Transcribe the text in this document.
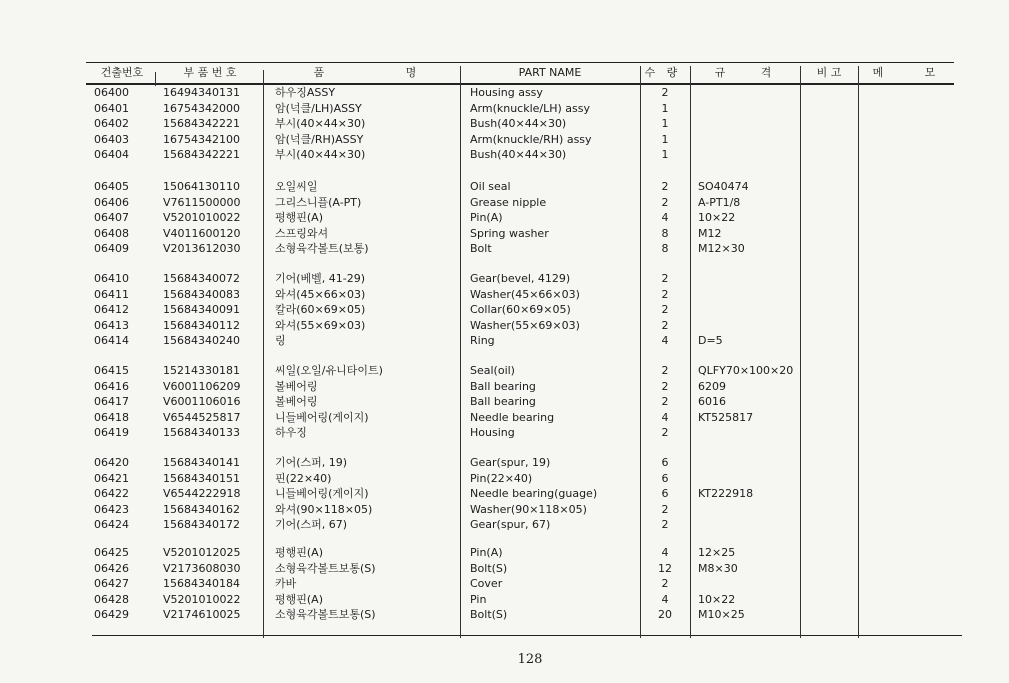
건출번호	부 품 번 호	품	명	PART NAME	수	량	규	격	비 고	메	모
06400	16494340131	하우징ASSY	Housing assy	2
06401	16754342000	암(넉클/LH)ASSY	Arm(knuckle/LH) assy	1
06402	15684342221	부시(40×44×30)	Bush(40×44×30)	1
06403	16754342100	암(넉클/RH)ASSY	Arm(knuckle/RH) assy	1
06404	15684342221	부시(40×44×30)	Bush(40×44×30)	1
06405	15064130110	오일씨일	Oil seal	2	SO40474
06406	V7611500000	그리스니플(A-PT)	Grease nipple	2	A-PT1/8
06407	V5201010022	평행핀(A)	Pin(A)	4	10×22
06408	V4011600120	스프링와셔	Spring washer	8	M12
06409	V2013612030	소형육각볼트(보통)	Bolt	8	M12×30
06410	15684340072	기어(베벨, 41-29)	Gear(bevel, 4129)	2
06411	15684340083	와셔(45×66×03)	Washer(45×66×03)	2
06412	15684340091	칼라(60×69×05)	Collar(60×69×05)	2
06413	15684340112	와셔(55×69×03)	Washer(55×69×03)	2
06414	15684340240	링	Ring	4	D=5
06415	15214330181	씨일(오일/유니타이트)	Seal(oil)	2	QLFY70×100×20
06416	V6001106209	볼베어링	Ball bearing	2	6209
06417	V6001106016	볼베어링	Ball bearing	2	6016
06418	V6544525817	니들베어링(게이지)	Needle bearing	4	KT525817
06419	15684340133	하우징	Housing	2
06420	15684340141	기어(스퍼, 19)	Gear(spur, 19)	6
06421	15684340151	핀(22×40)	Pin(22×40)	6
06422	V6544222918	니들베어링(게이지)	Needle bearing(guage)	6	KT222918
06423	15684340162	와셔(90×118×05)	Washer(90×118×05)	2
06424	15684340172	기어(스퍼, 67)	Gear(spur, 67)	2
06425	V5201012025	평행핀(A)	Pin(A)	4	12×25
06426	V2173608030	소형육각볼트보통(S)	Bolt(S)	12	M8×30
06427	15684340184	카바	Cover	2
06428	V5201010022	평행핀(A)	Pin	4	10×22
06429	V2174610025	소형육각볼트보통(S)	Bolt(S)	20	M10×25
128
